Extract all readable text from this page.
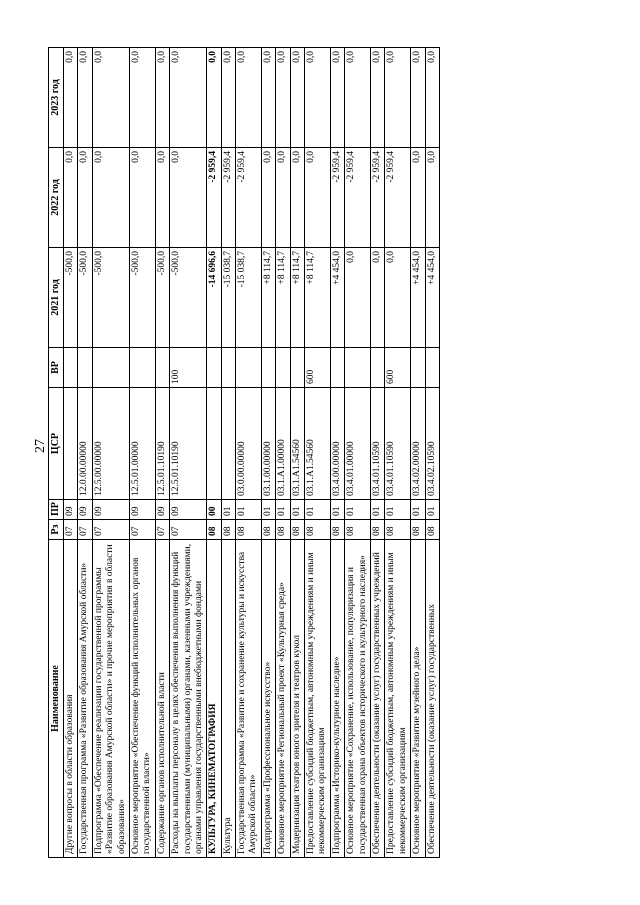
27
Наименование	Рз	ПР	ЦСР	ВР	2021 год	2022 год	2023 год
Другие вопросы в области образования	07	09			-500,0	0,0	0,0
Государственная программа «Развитие образования Амурской области»	07	09	12.0.00.00000		-500,0	0,0	0,0
Подпрограмма «Обеспечение реализации государственной программы «Развитие образования Амурской области» и прочие мероприятия в области образования»	07	09	12.5.00.00000		-500,0	0,0	0,0
Основное мероприятие «Обеспечение функций исполнительных органов государственной власти»	07	09	12.5.01.00000		-500,0	0,0	0,0
Содержание органов исполнительной власти	07	09	12.5.01.10190		-500,0	0,0	0,0
Расходы на выплаты персоналу в целях обеспечения выполнения функций государственными (муниципальными) органами, казенными учреждениями, органами управления государственными внебюджетными фондами	07	09	12.5.01.10190	100	-500,0	0,0	0,0
КУЛЬТУРА, КИНЕМАТОГРАФИЯ	08	00			-14 696,6	-2 959,4	0,0
Культура	08	01			-15 038,7	-2 959,4	0,0
Государственная программа «Развитие и сохранение культуры и искусства Амурской области»	08	01	03.0.00.00000		-15 038,7	-2 959,4	0,0
Подпрограмма «Профессиональное искусство»	08	01	03.1.00.00000		+8 114,7	0,0	0,0
Основное мероприятие «Региональный проект «Культурная среда»	08	01	03.1.A1.00000		+8 114,7	0,0	0,0
Модернизация театров юного зрителя и театров кукол	08	01	03.1.A1.54560		+8 114,7	0,0	0,0
Предоставление субсидий бюджетным, автономным учреждениям и иным некоммерческим организациям	08	01	03.1.A1.54560	600	+8 114,7	0,0	0,0
Подпрограмма «Историко-культурное наследие»	08	01	03.4.00.00000		+4 454,0	-2 959,4	0,0
Основное мероприятие «Сохранение, использование, популяризация и государственная охрана объектов исторического и культурного наследия»	08	01	03.4.01.00000		0,0	-2 959,4	0,0
Обеспечение деятельности (оказание услуг) государственных учреждений	08	01	03.4.01.10590		0,0	-2 959,4	0,0
Предоставление субсидий бюджетным, автономным учреждениям и иным некоммерческим организациям	08	01	03.4.01.10590	600	0,0	-2 959,4	0,0
Основное мероприятие «Развитие музейного дела»	08	01	03.4.02.00000		+4 454,0	0,0	0,0
Обеспечение деятельности (оказание услуг) государственных	08	01	03.4.02.10590		+4 454,0	0,0	0,0
